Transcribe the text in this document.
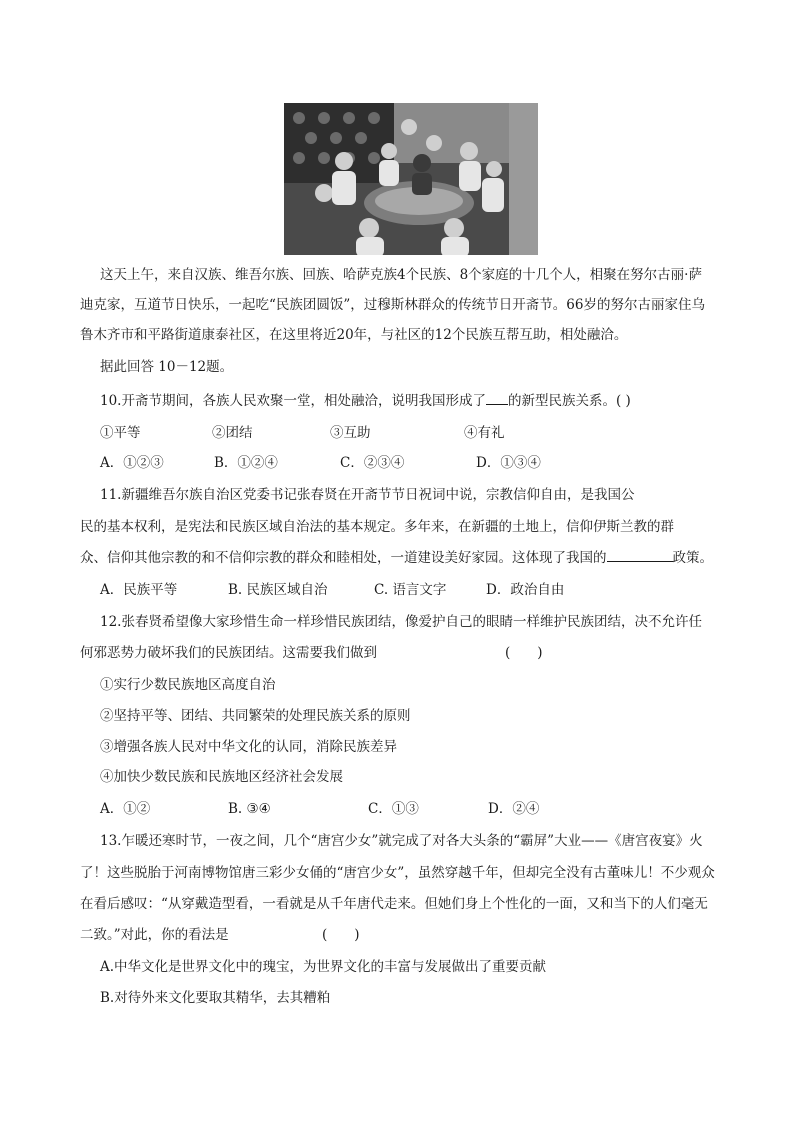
这天上午，来自汉族、维吾尔族、回族、哈萨克族4个民族、8个家庭的十几个人，相聚在努尔古丽·萨
迪克家，互道节日快乐，一起吃“民族团圆饭”，过穆斯林群众的传统节日开斋节。66岁的努尔古丽家住乌
鲁木齐市和平路街道康泰社区，在这里将近20年，与社区的12个民族互帮互助，相处融洽。
据此回答 10－12题。
10.开斋节期间，各族人民欢聚一堂，相处融洽，说明我国形成了 的新型民族关系。( )
①平等	②团结	③互助	④有礼
A．①②③	B．①②④	C．②③④	D．①③④
11.新疆维吾尔族自治区党委书记张春贤在开斋节节日祝词中说，宗教信仰自由，是我国公
民的基本权利，是宪法和民族区域自治法的基本规定。多年来，在新疆的土地上，信仰伊斯兰教的群
众、信仰其他宗教的和不信仰宗教的群众和睦相处，一道建设美好家园。这体现了我国的	政策。
A．民族平等	B. 民族区域自治	C. 语言文字	D．政治自由
12.张春贤希望像大家珍惜生命一样珍惜民族团结，像爱护自己的眼睛一样维护民族团结，决不允许任
何邪恶势力破坏我们的民族团结。这需要我们做到	(　　)
①实行少数民族地区高度自治
②坚持平等、团结、共同繁荣的处理民族关系的原则
③增强各族人民对中华文化的认同，消除民族差异
④加快少数民族和民族地区经济社会发展
A．①②	B. ③④	C．①③	D．②④
13.乍暖还寒时节，一夜之间，几个“唐宫少女”就完成了对各大头条的“霸屏”大业——《唐宫夜宴》火
了！这些脱胎于河南博物馆唐三彩少女俑的“唐宫少女”，虽然穿越千年，但却完全没有古董味儿！不少观众
在看后感叹：“从穿戴造型看，一看就是从千年唐代走来。但她们身上个性化的一面，又和当下的人们毫无
二致。”对此，你的看法是	(　　)
A.中华文化是世界文化中的瑰宝，为世界文化的丰富与发展做出了重要贡献
B.对待外来文化要取其精华，去其糟粕
